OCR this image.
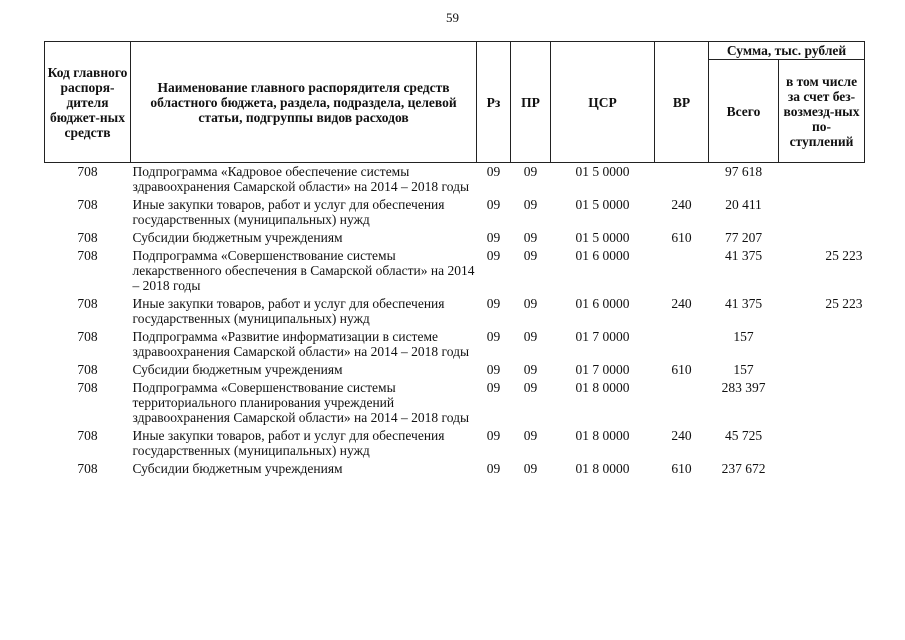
59
Код главного распоря-дителя бюджет-ных средств	Наименование главного распорядителя средств областного бюджета, раздела, подраздела, целевой статьи, подгруппы видов расходов	Рз	ПР	ЦСР	ВР	Сумма, тыс. рублей	
						Всего	в том числе за счет без-возмезд-ных по-ступлений
708	Подпрограмма «Кадровое обеспечение системы здравоохранения Самарской области» на 2014 – 2018 годы	09	09	01 5 0000		97 618	
708	Иные закупки товаров, работ и услуг для обеспечения государственных (муниципальных) нужд	09	09	01 5 0000	240	20 411	
708	Субсидии бюджетным учреждениям	09	09	01 5 0000	610	77 207	
708	Подпрограмма «Совершенствование системы лекарственного обеспечения в Самарской области» на 2014 – 2018 годы	09	09	01 6 0000		41 375	25 223
708	Иные закупки товаров, работ и услуг для обеспечения государственных (муниципальных) нужд	09	09	01 6 0000	240	41 375	25 223
708	Подпрограмма «Развитие информатизации в системе здравоохранения Самарской области» на 2014 – 2018 годы	09	09	01 7 0000		157	
708	Субсидии бюджетным учреждениям	09	09	01 7 0000	610	157	
708	Подпрограмма «Совершенствование системы территориального планирования учреждений здравоохранения Самарской области» на 2014 – 2018 годы	09	09	01 8 0000		283 397	
708	Иные закупки товаров, работ и услуг для обеспечения государственных (муниципальных) нужд	09	09	01 8 0000	240	45 725	
708	Субсидии бюджетным учреждениям	09	09	01 8 0000	610	237 672	
